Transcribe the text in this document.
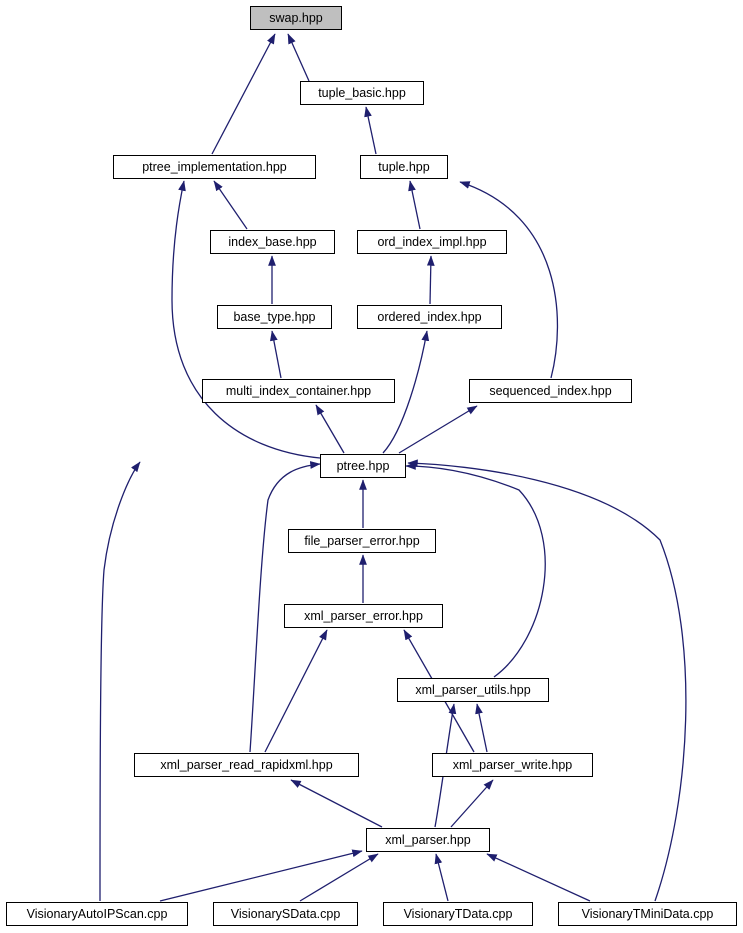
swap.hpp
tuple_basic.hpp
ptree_implementation.hpp	tuple.hpp
index_base.hpp	ord_index_impl.hpp
base_type.hpp	ordered_index.hpp
multi_index_container.hpp	sequenced_index.hpp
ptree.hpp
file_parser_error.hpp
xml_parser_error.hpp
xml_parser_utils.hpp
xml_parser_read_rapidxml.hpp	xml_parser_write.hpp
xml_parser.hpp
VisionaryAutoIPScan.cpp	VisionarySData.cpp	VisionaryTData.cpp	VisionaryTMiniData.cpp
